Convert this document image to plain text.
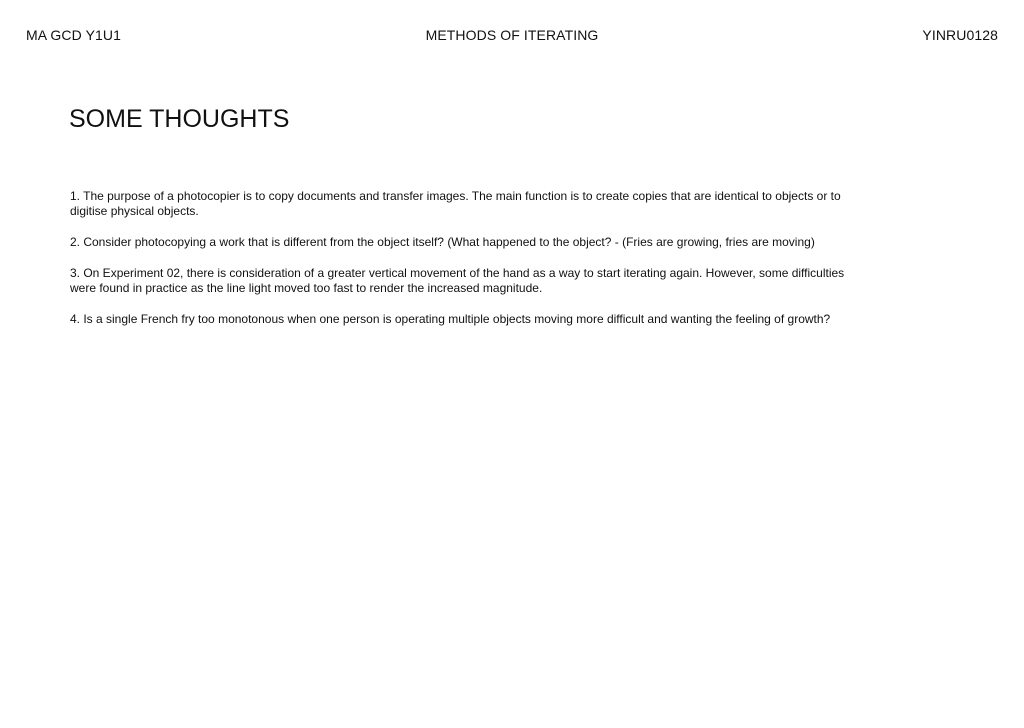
MA GCD Y1U1	METHODS OF ITERATING	YINRU0128
SOME THOUGHTS
1. The purpose of a photocopier is to copy documents and transfer images. The main function is to create copies that are identical to objects or to digitise physical objects.
2. Consider photocopying a work that is different from the object itself? (What happened to the object? - (Fries are growing, fries are moving)
3. On Experiment 02, there is consideration of a greater vertical movement of the hand as a way to start iterating again. However, some difficulties were found in practice as the line light moved too fast to render the increased magnitude.
4. Is a single French fry too monotonous when one person is operating multiple objects moving more difficult and wanting the feeling of growth?
